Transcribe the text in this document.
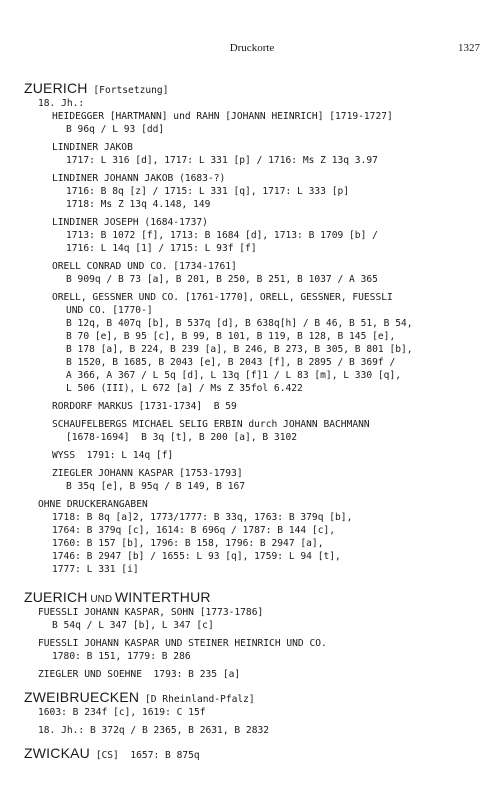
Druckorte	1327
ZUERICH [Fortsetzung]
18. Jh.:
HEIDEGGER [HARTMANN] und RAHN [JOHANN HEINRICH] [1719-1727]
B 96q / L 93 [dd]
LINDINER JAKOB
1717: L 316 [d], 1717: L 331 [p] / 1716: Ms Z 13q 3.97
LINDINER JOHANN JAKOB (1683-?)
1716: B 8q [z] / 1715: L 331 [q], 1717: L 333 [p]
1718: Ms Z 13q 4.148, 149
LINDINER JOSEPH (1684-1737)
1713: B 1072 [f], 1713: B 1684 [d], 1713: B 1709 [b] /
1716: L 14q [1] / 1715: L 93f [f]
ORELL CONRAD UND CO. [1734-1761]
B 909q / B 73 [a], B 201, B 250, B 251, B 1037 / A 365
ORELL, GESSNER UND CO. [1761-1770], ORELL, GESSNER, FUESSLI
UND CO. [1770-]
B 12q, B 407q [b], B 537q [d], B 638q[h] / B 46, B 51, B 54,
B 70 [e], B 95 [c], B 99, B 101, B 119, B 128, B 145 [e],
B 178 [a], B 224, B 239 [a], B 246, B 273, B 305, B 801 [b],
B 1520, B 1685, B 2043 [e], B 2043 [f], B 2895 / B 369f /
A 366, A 367 / L 5q [d], L 13q [f]1 / L 83 [m], L 330 [q],
L 506 (III), L 672 [a] / Ms Z 35fol 6.422
RORDORF MARKUS [1731-1734]  B 59
SCHAUFELBERGS MICHAEL SELIG ERBIN durch JOHANN BACHMANN
[1678-1694]  B 3q [t], B 200 [a], B 3102
WYSS  1791: L 14q [f]
ZIEGLER JOHANN KASPAR [1753-1793]
B 35q [e], B 95q / B 149, B 167
OHNE DRUCKERANGABEN
1718: B 8q [a]2, 1773/1777: B 33q, 1763: B 379q [b],
1764: B 379q [c], 1614: B 696q / 1787: B 144 [c],
1760: B 157 [b], 1796: B 158, 1796: B 2947 [a],
1746: B 2947 [b] / 1655: L 93 [q], 1759: L 94 [t],
1777: L 331 [i]
ZUERICH UND WINTERTHUR
FUESSLI JOHANN KASPAR, SOHN [1773-1786]
B 54q / L 347 [b], L 347 [c]
FUESSLI JOHANN KASPAR UND STEINER HEINRICH UND CO.
1780: B 151, 1779: B 286
ZIEGLER UND SOEHNE  1793: B 235 [a]
ZWEIBRUECKEN [D Rheinland-Pfalz]
1603: B 234f [c], 1619: C 15f
18. Jh.: B 372q / B 2365, B 2631, B 2832
ZWICKAU [CS]  1657: B 875q
